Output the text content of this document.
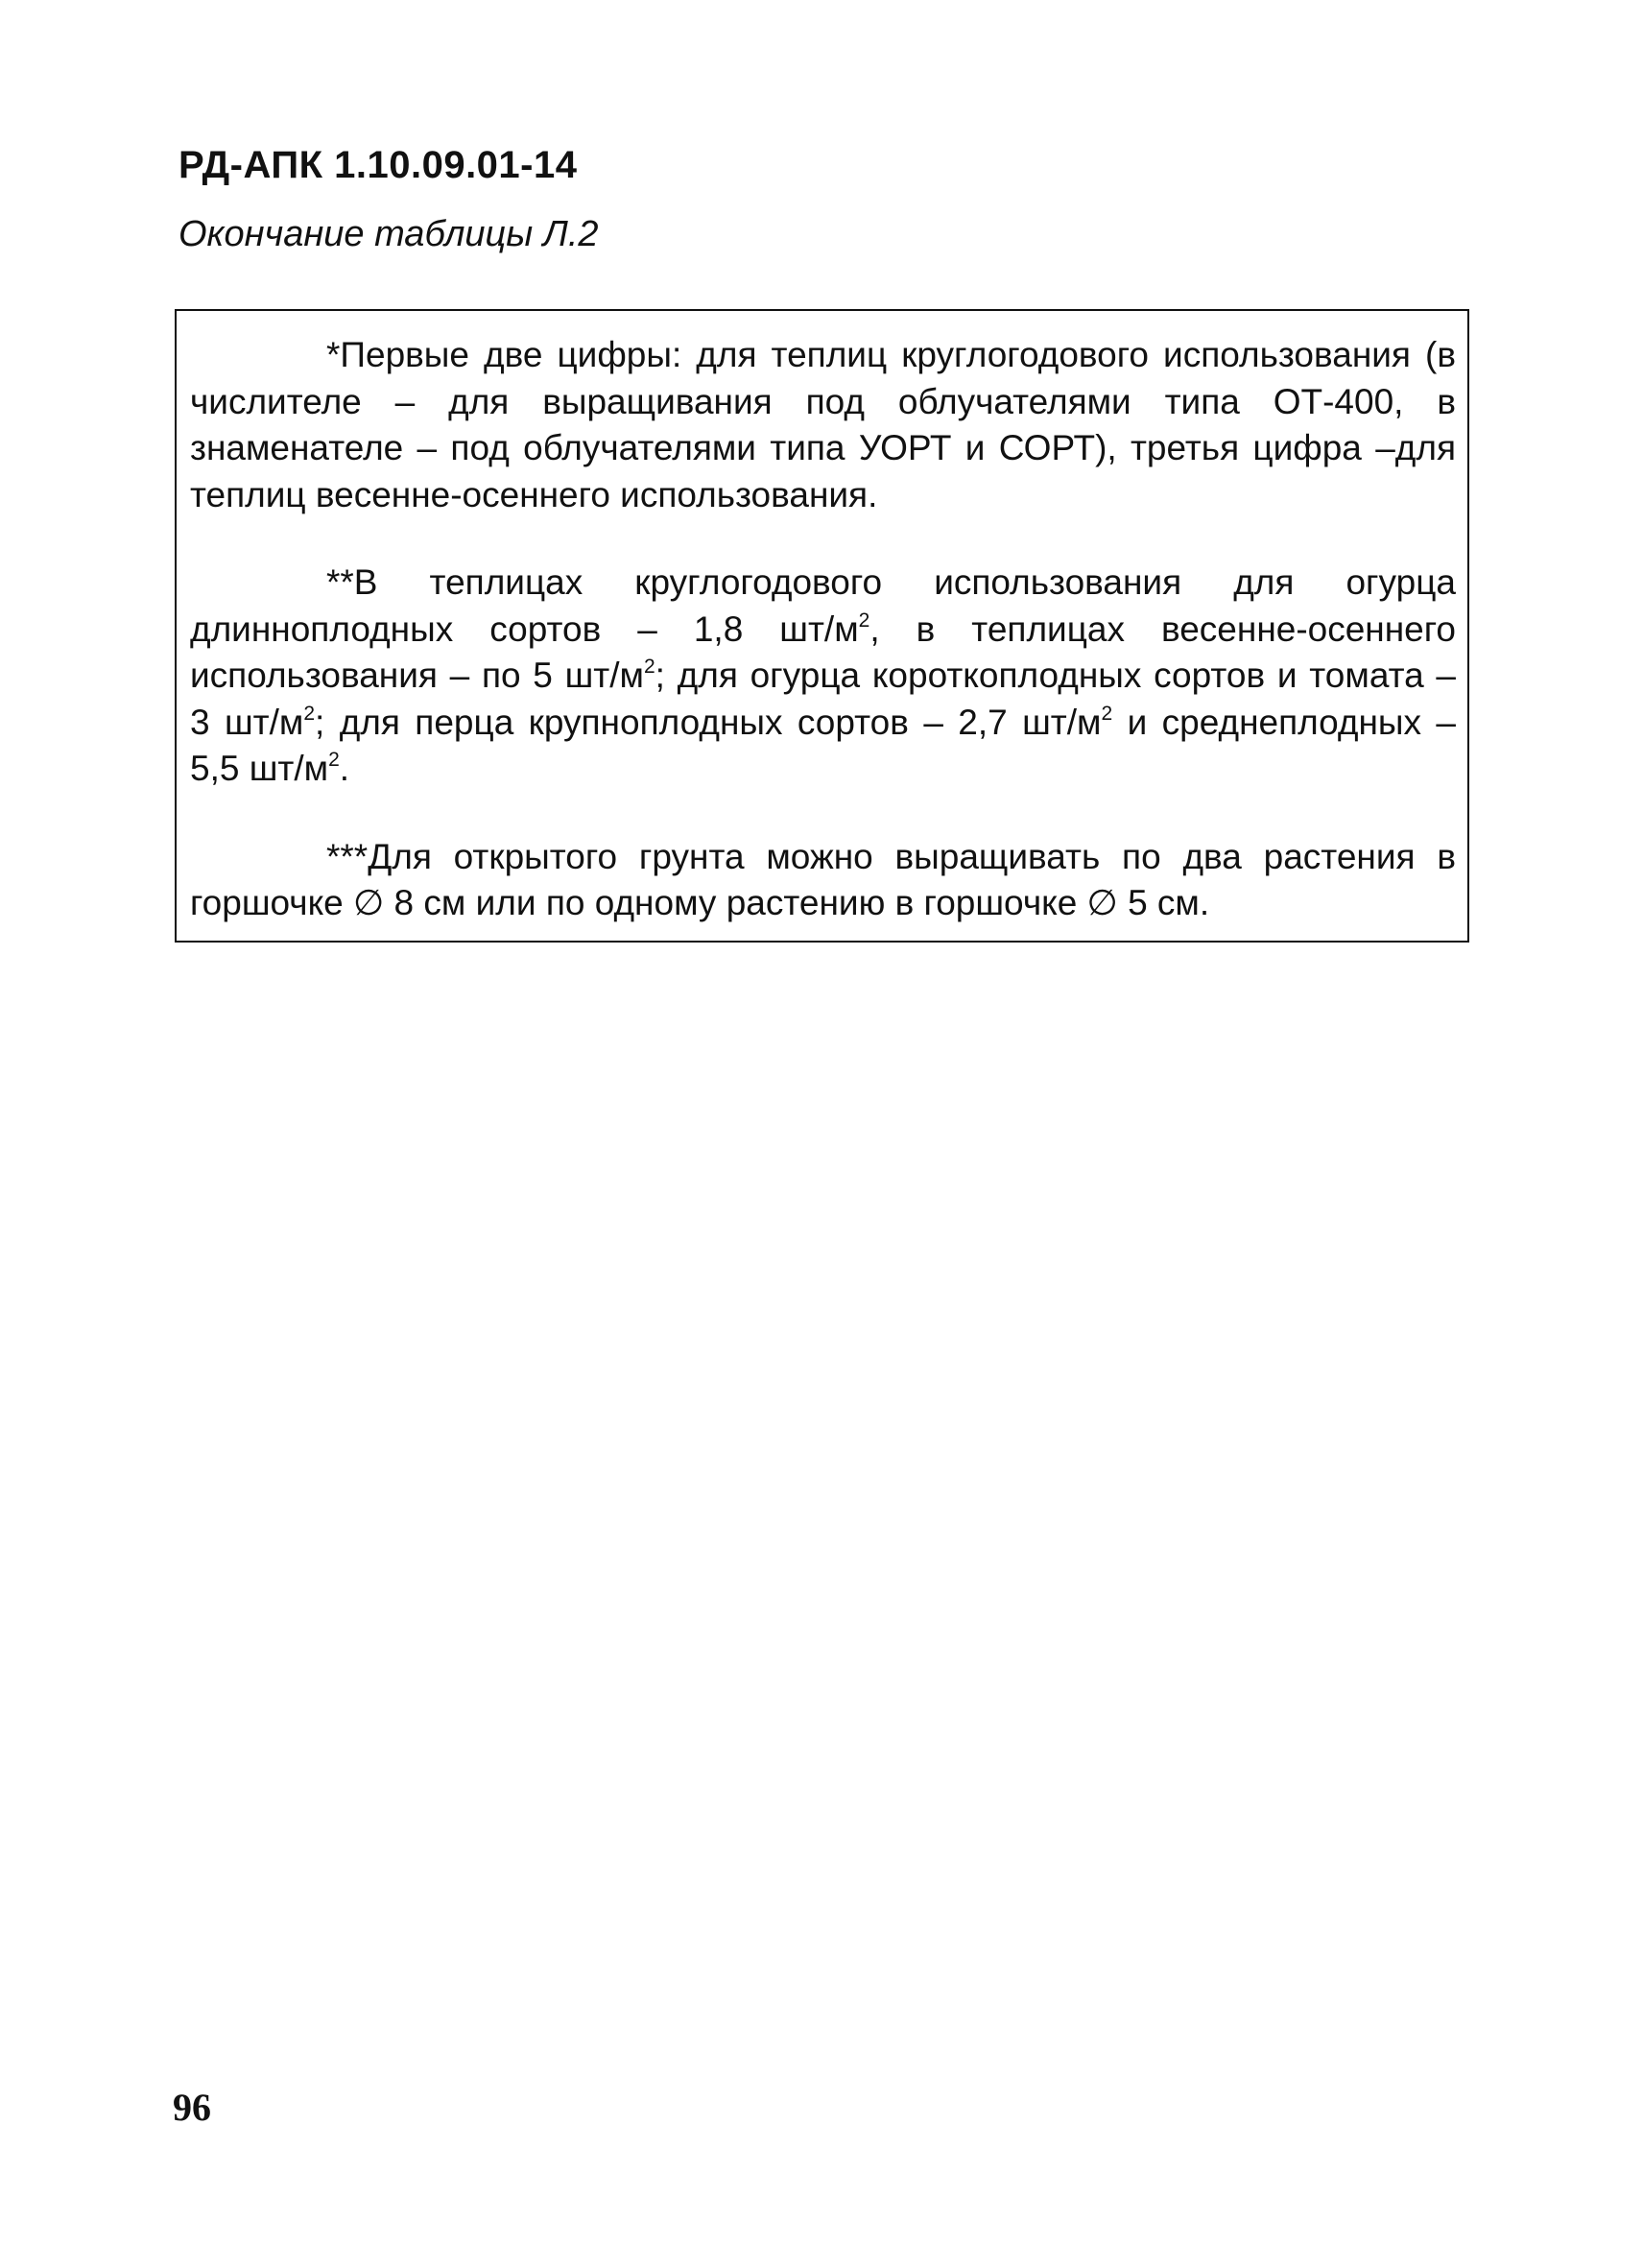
РД-АПК 1.10.09.01-14

Окончание таблицы Л.2

*Первые две цифры: для теплиц круглогодового использования (в числителе – для выращивания под облучателями типа ОТ-400, в знаменателе – под облучателями типа УОРТ и СОРТ), третья цифра –для теплиц весенне-осеннего использования.

**В теплицах круглогодового использования для огурца длинноплодных сортов – 1,8 $шт/м^2$, в теплицах весенне-осеннего использования – по 5 $шт/м^2$; для огурца короткоплодных сортов и томата – 3 $шт/м^2$; для перца крупноплодных сортов – 2,7 $шт/м^2$ и среднеплодных – 5,5 $шт/м^2$.

***Для открытого грунта можно выращивать по два растения в горшочке ∅ 8 см или по одному растению в горшочке ∅ 5 см.

96
